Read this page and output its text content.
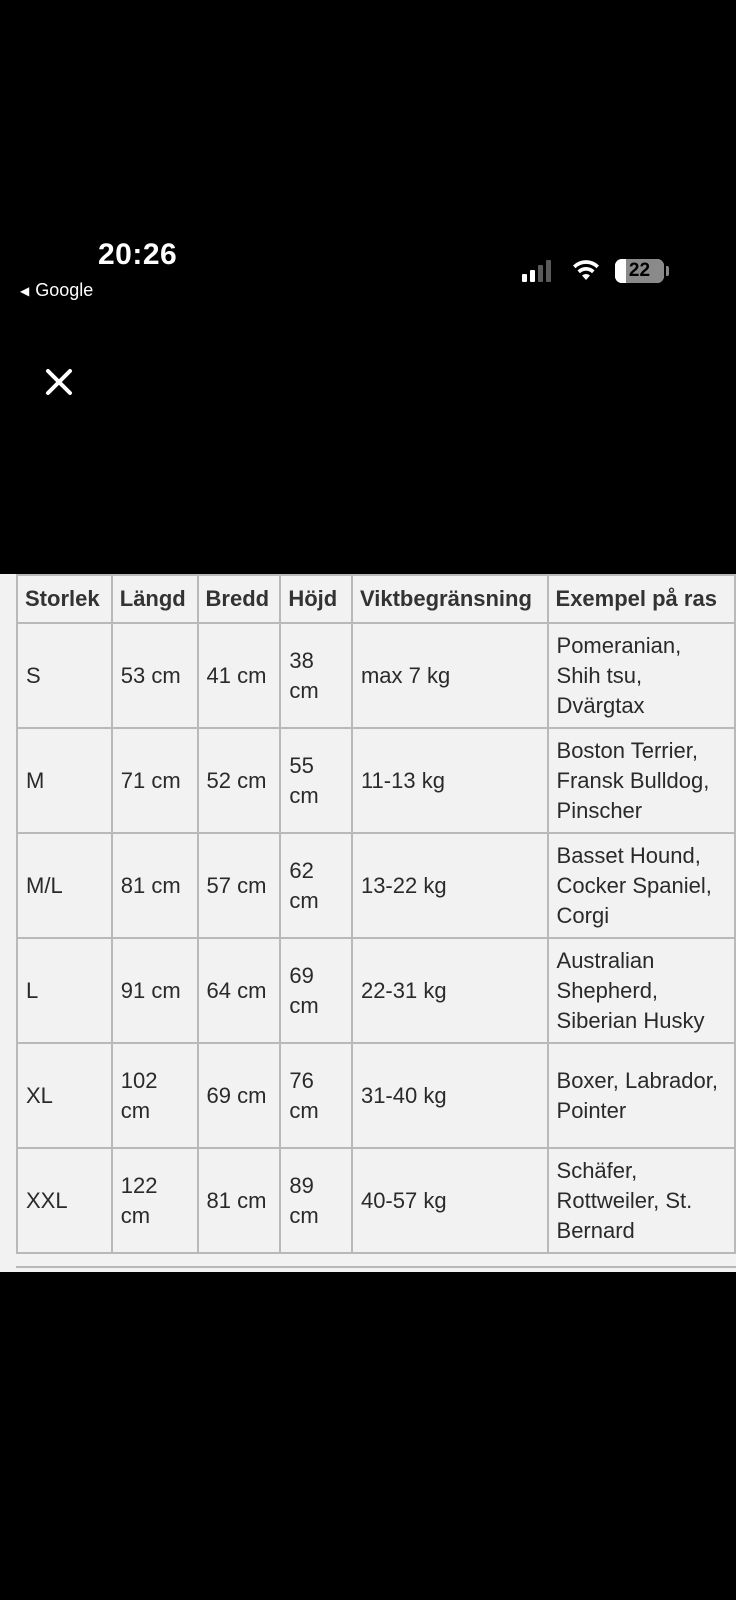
20:26
◀ Google
22
Storlek	Längd	Bredd	Höjd	Viktbegränsning	Exempel på ras
S	53 cm	41 cm	38 cm	max 7 kg	Pomeranian, Shih tsu, Dvärgtax
M	71 cm	52 cm	55 cm	11-13 kg	Boston Terrier, Fransk Bulldog, Pinscher
M/L	81 cm	57 cm	62 cm	13-22 kg	Basset Hound, Cocker Spaniel, Corgi
L	91 cm	64 cm	69 cm	22-31 kg	Australian Shepherd, Siberian Husky
XL	102 cm	69 cm	76 cm	31-40 kg	Boxer, Labrador, Pointer
XXL	122 cm	81 cm	89 cm	40-57 kg	Schäfer, Rottweiler, St. Bernard
